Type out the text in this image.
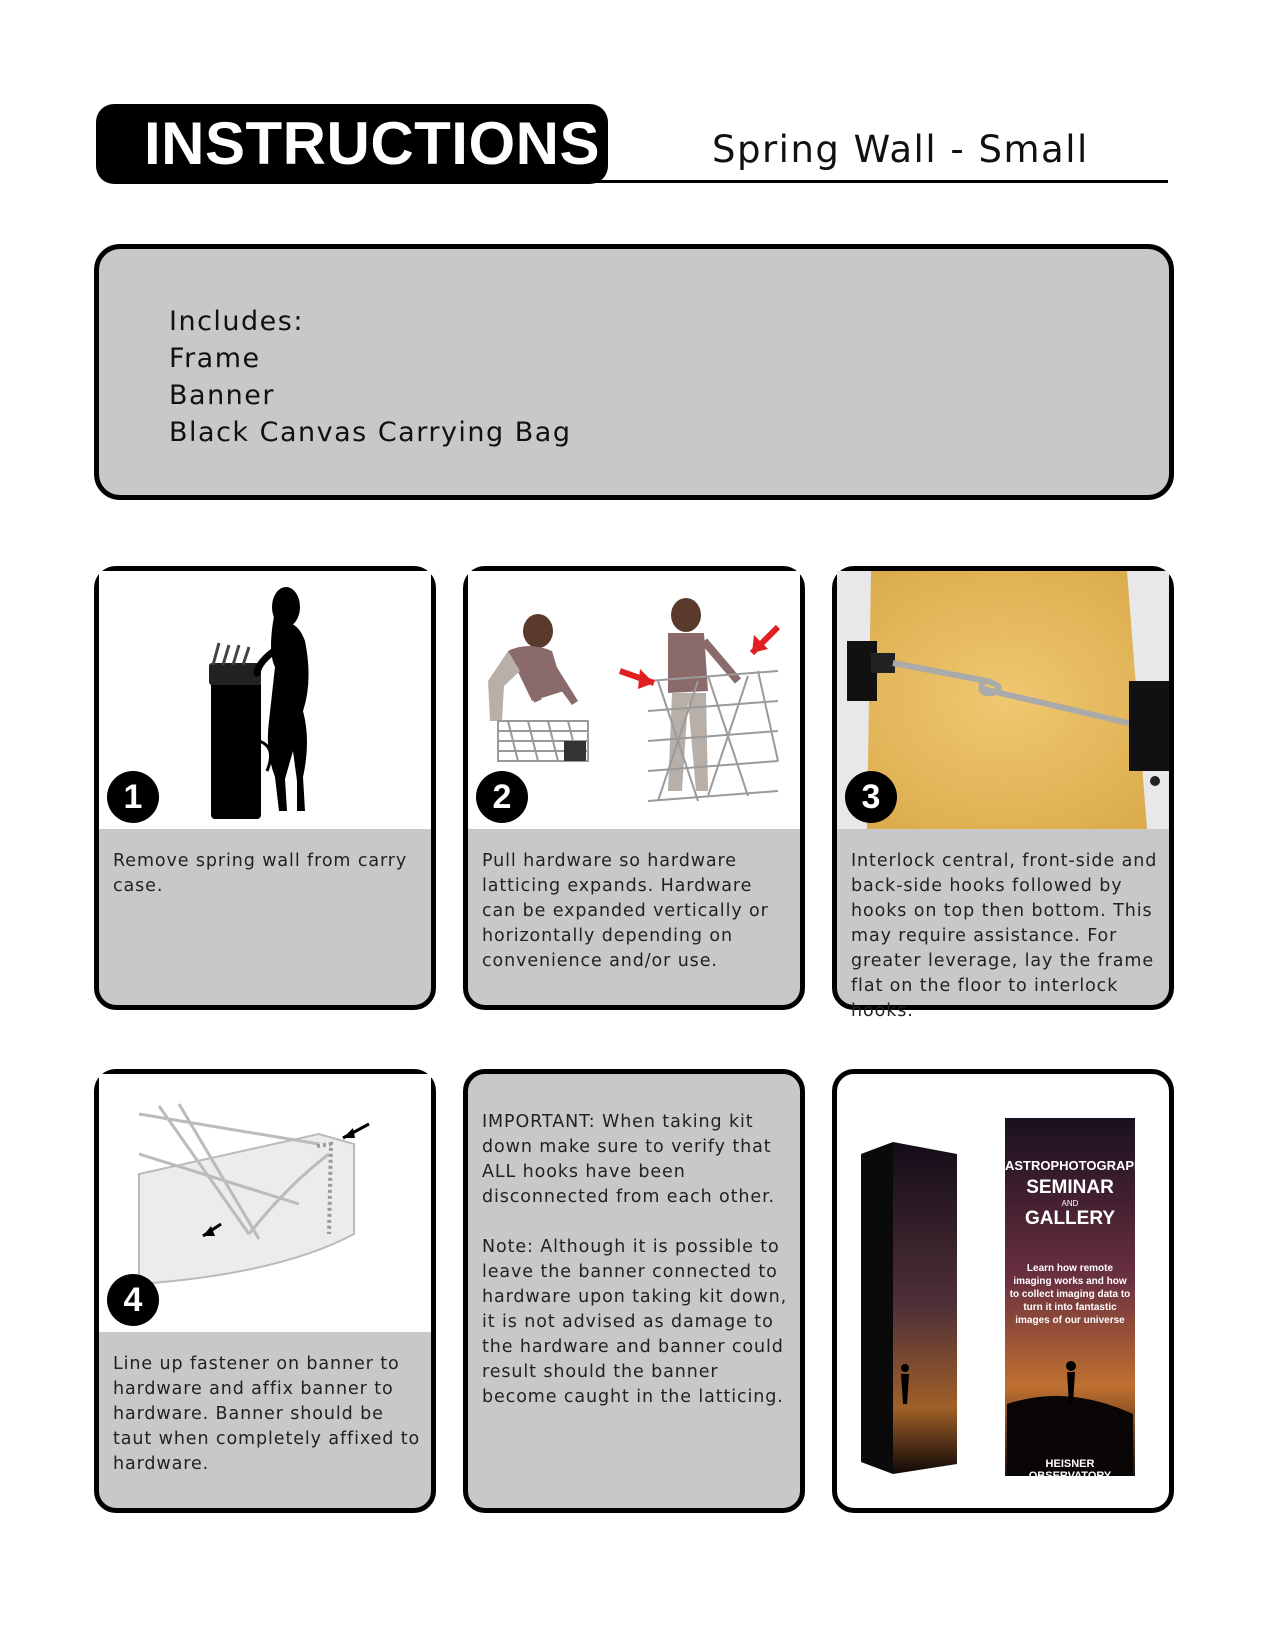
INSTRUCTIONS	Spring Wall - Small
Includes:
Frame
Banner
Black Canvas Carrying Bag
1
Remove spring wall from carry case.
2
Pull hardware so hardware latticing expands. Hardware can be expanded vertically or horizontally depending on convenience and/or use.
3
Interlock central, front-side and back-side hooks followed by hooks on top then bottom. This may require assistance. For greater leverage, lay the frame flat on the floor to interlock hooks.
4
Line up fastener on banner to hardware and affix banner to hardware. Banner should be taut when completely affixed to hardware.

IMPORTANT: When taking kit down make sure to verify that ALL hooks have been disconnected from each other.

Note: Although it is possible to leave the banner connected to hardware upon taking kit down, it is not advised as damage to the hardware and banner could result should the banner become caught in the latticing.

ASTROPHOTOGRAPHY
SEMINAR
AND
GALLERY
Learn how remote imaging works and how to collect imaging data to turn it into fantastic images of our universe
HEISNER OBSERVATORY
